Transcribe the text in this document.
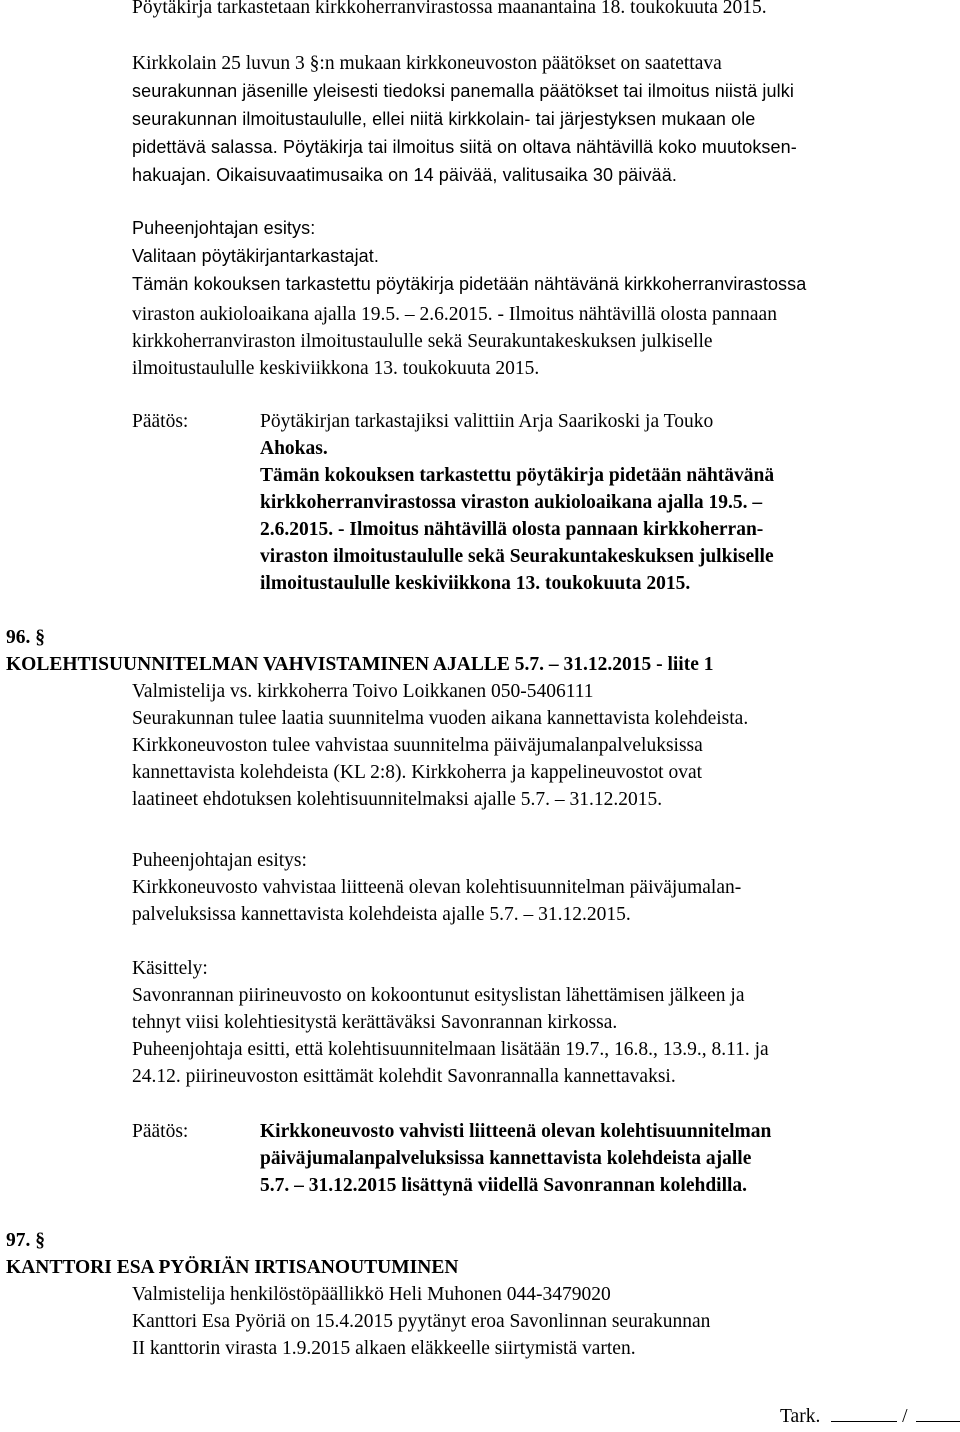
Pöytäkirja tarkastetaan kirkkoherranvirastossa maanantaina 18. toukokuuta 2015.
Kirkkolain 25 luvun 3 §:n mukaan kirkkoneuvoston päätökset on saatettava
seurakunnan jäsenille yleisesti tiedoksi panemalla päätökset tai ilmoitus niistä julki
seurakunnan ilmoitustaululle, ellei niitä kirkkolain- tai järjestyksen mukaan ole
pidettävä salassa. Pöytäkirja tai ilmoitus siitä on oltava nähtävillä koko muutoksen-
hakuajan. Oikaisuvaatimusaika on 14 päivää, valitusaika 30 päivää.
Puheenjohtajan esitys:
Valitaan pöytäkirjantarkastajat.
Tämän kokouksen tarkastettu pöytäkirja pidetään nähtävänä kirkkoherranvirastossa
viraston aukioloaikana ajalla 19.5. – 2.6.2015. - Ilmoitus nähtävillä olosta pannaan
kirkkoherranviraston ilmoitustaululle sekä Seurakuntakeskuksen julkiselle
ilmoitustaululle keskiviikkona 13. toukokuuta 2015.
Päätös:	Pöytäkirjan tarkastajiksi valittiin Arja Saarikoski ja Touko
Ahokas.
Tämän kokouksen tarkastettu pöytäkirja pidetään nähtävänä
kirkkoherranvirastossa viraston aukioloaikana ajalla 19.5. –
2.6.2015. - Ilmoitus nähtävillä olosta pannaan kirkkoherran-
viraston ilmoitustaululle sekä Seurakuntakeskuksen julkiselle
ilmoitustaululle keskiviikkona 13. toukokuuta 2015.
96. §
KOLEHTISUUNNITELMAN VAHVISTAMINEN AJALLE 5.7. – 31.12.2015 - liite 1
Valmistelija vs. kirkkoherra Toivo Loikkanen 050-5406111
Seurakunnan tulee laatia suunnitelma vuoden aikana kannettavista kolehdeista.
Kirkkoneuvoston tulee vahvistaa suunnitelma päiväjumalanpalveluksissa
kannettavista kolehdeista (KL 2:8). Kirkkoherra ja kappelineuvostot ovat
laatineet ehdotuksen kolehtisuunnitelmaksi ajalle 5.7. – 31.12.2015.
Puheenjohtajan esitys:
Kirkkoneuvosto vahvistaa liitteenä olevan kolehtisuunnitelman päiväjumalan-
palveluksissa kannettavista kolehdeista ajalle 5.7. – 31.12.2015.
Käsittely:
Savonrannan piirineuvosto on kokoontunut esityslistan lähettämisen jälkeen ja
tehnyt viisi kolehtiesitystä kerättäväksi Savonrannan kirkossa.
Puheenjohtaja esitti, että kolehtisuunnitelmaan lisätään 19.7., 16.8., 13.9., 8.11. ja
24.12. piirineuvoston esittämät kolehdit Savonrannalla kannettavaksi.
Päätös:	Kirkkoneuvosto vahvisti liitteenä olevan kolehtisuunnitelman
päiväjumalanpalveluksissa kannettavista kolehdeista ajalle
5.7. – 31.12.2015 lisättynä viidellä Savonrannan kolehdilla.
97. §
KANTTORI ESA PYÖRIÄN IRTISANOUTUMINEN
Valmistelija henkilöstöpäällikkö Heli Muhonen 044-3479020
Kanttori Esa Pyöriä on 15.4.2015 pyytänyt eroa Savonlinnan seurakunnan
II kanttorin virasta 1.9.2015 alkaen eläkkeelle siirtymistä varten.
Tark.	/
